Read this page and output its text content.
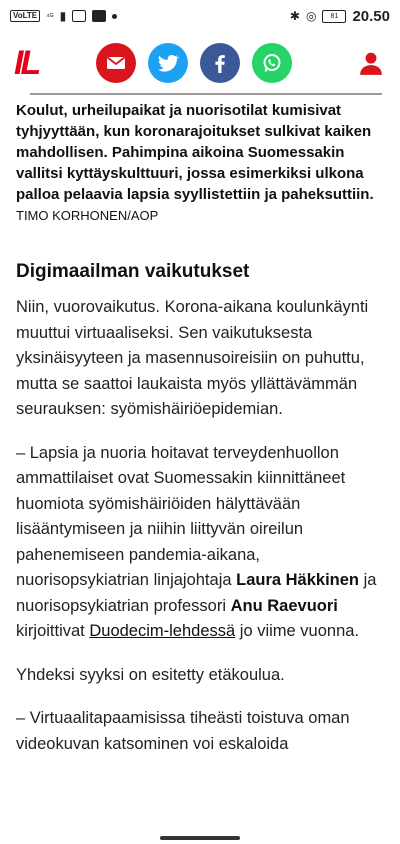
VoLTE	⁴ᴳ ▮	✱ ◎ 81 20.50
IL

Koulut, urheilupaikat ja nuorisotilat kumisivat tyhjyyttään, kun koronarajoitukset sulkivat kaiken mahdollisen. Pahimpina aikoina Suomessakin vallitsi kyttäyskulttuuri, jossa esimerkiksi ulkona palloa pelaavia lapsia syyllistettiin ja paheksuttiin. TIMO KORHONEN/AOP

Digimaailman vaikutukset

Niin, vuorovaikutus. Korona-aikana koulunkäynti muuttui virtuaaliseksi. Sen vaikutuksesta yksinäisyyteen ja masennusoireisiin on puhuttu, mutta se saattoi laukaista myös yllättävämmän seurauksen: syömishäiriöepidemian.

– Lapsia ja nuoria hoitavat terveydenhuollon ammattilaiset ovat Suomessakin kiinnittäneet huomiota syömishäiriöiden hälyttävään lisääntymiseen ja niihin liittyvän oireilun pahenemiseen pandemia-aikana, nuorisopsykiatrian linjajohtaja Laura Häkkinen ja nuorisopsykiatrian professori Anu Raevuori kirjoittivat Duodecim-lehdessä jo viime vuonna.

Yhdeksi syyksi on esitetty etäkoulua.

– Virtuaalitapaamisissa tiheästi toistuva oman videokuvan katsominen voi eskaloida
